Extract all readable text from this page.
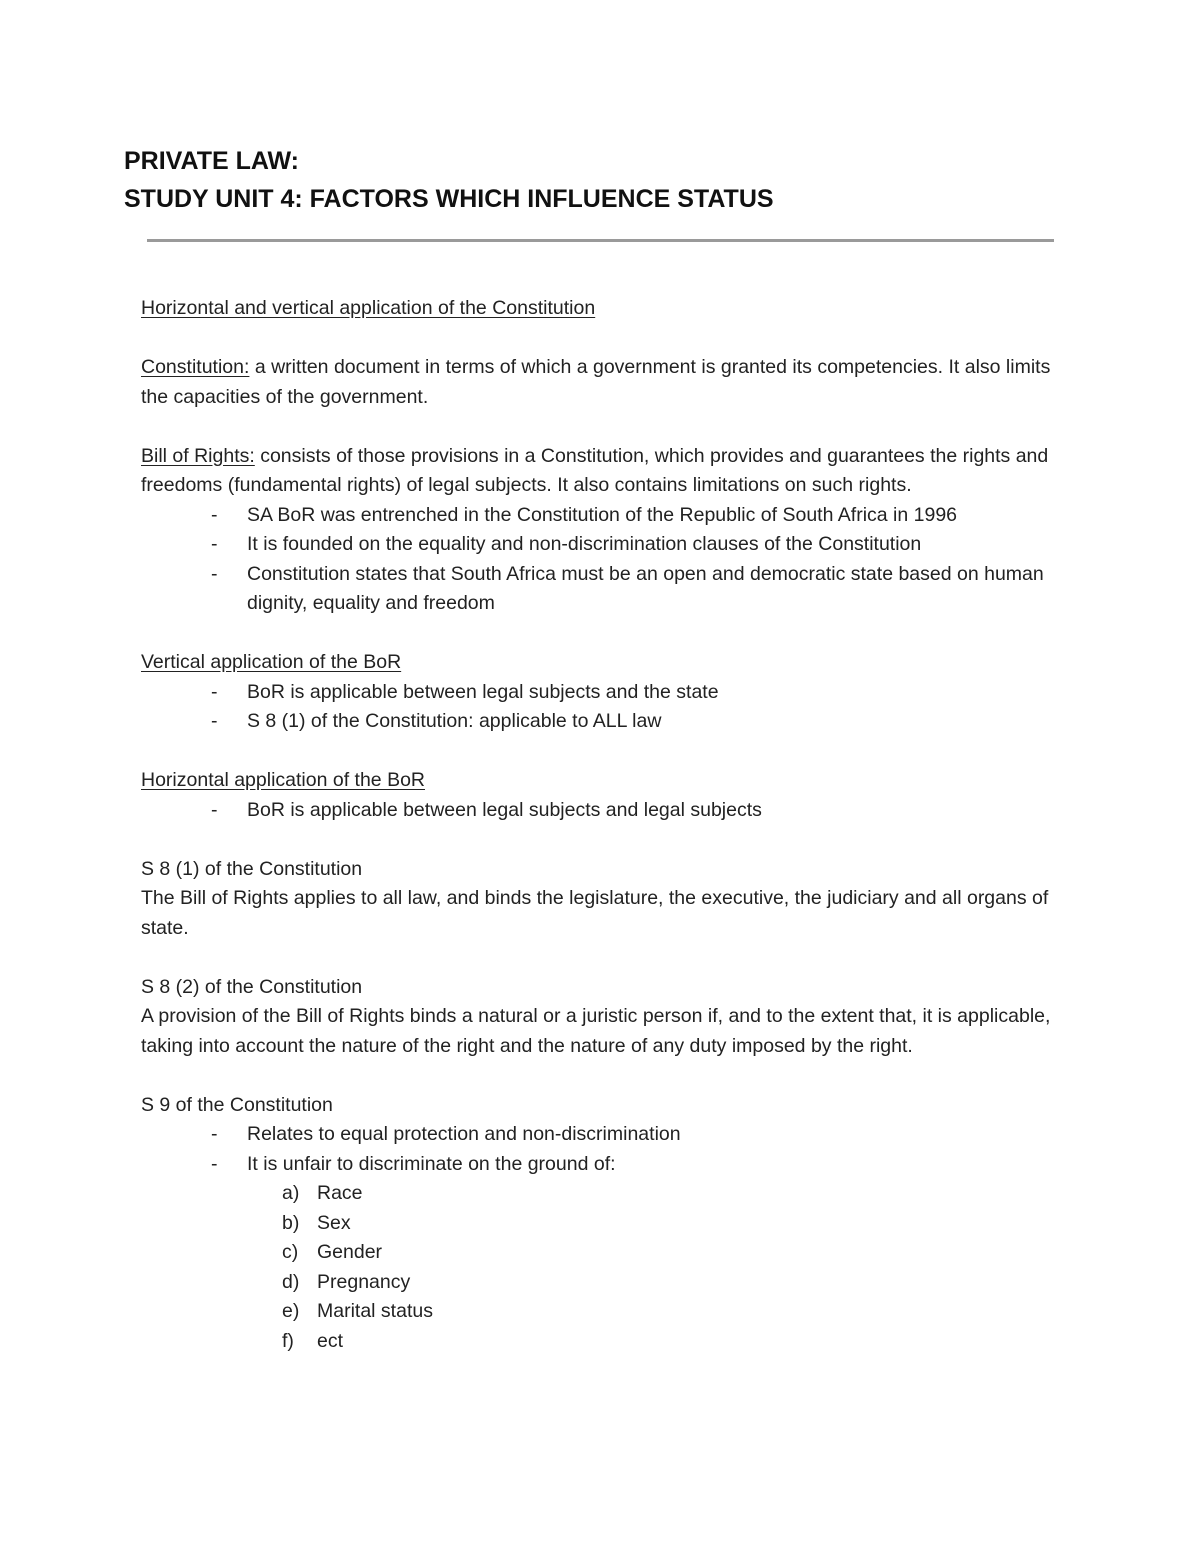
PRIVATE LAW:
STUDY UNIT 4: FACTORS WHICH INFLUENCE STATUS

Horizontal and vertical application of the Constitution

Constitution: a written document in terms of which a government is granted its competencies. It also limits the capacities of the government.

Bill of Rights: consists of those provisions in a Constitution, which provides and guarantees the rights and freedoms (fundamental rights) of legal subjects. It also contains limitations on such rights.

- SA BoR was entrenched in the Constitution of the Republic of South Africa in 1996
- It is founded on the equality and non-discrimination clauses of the Constitution
- Constitution states that South Africa must be an open and democratic state based on human dignity, equality and freedom

Vertical application of the BoR

- BoR is applicable between legal subjects and the state
- S 8 (1) of the Constitution: applicable to ALL law

Horizontal application of the BoR

- BoR is applicable between legal subjects and legal subjects

S 8 (1) of the Constitution

The Bill of Rights applies to all law, and binds the legislature, the executive, the judiciary and all organs of state.

S 8 (2) of the Constitution

A provision of the Bill of Rights binds a natural or a juristic person if, and to the extent that, it is applicable, taking into account the nature of the right and the nature of any duty imposed by the right.

S 9 of the Constitution

- Relates to equal protection and non-discrimination
- It is unfair to discriminate on the ground of:
a) Race
b) Sex
c) Gender
d) Pregnancy
e) Marital status
f) ect
